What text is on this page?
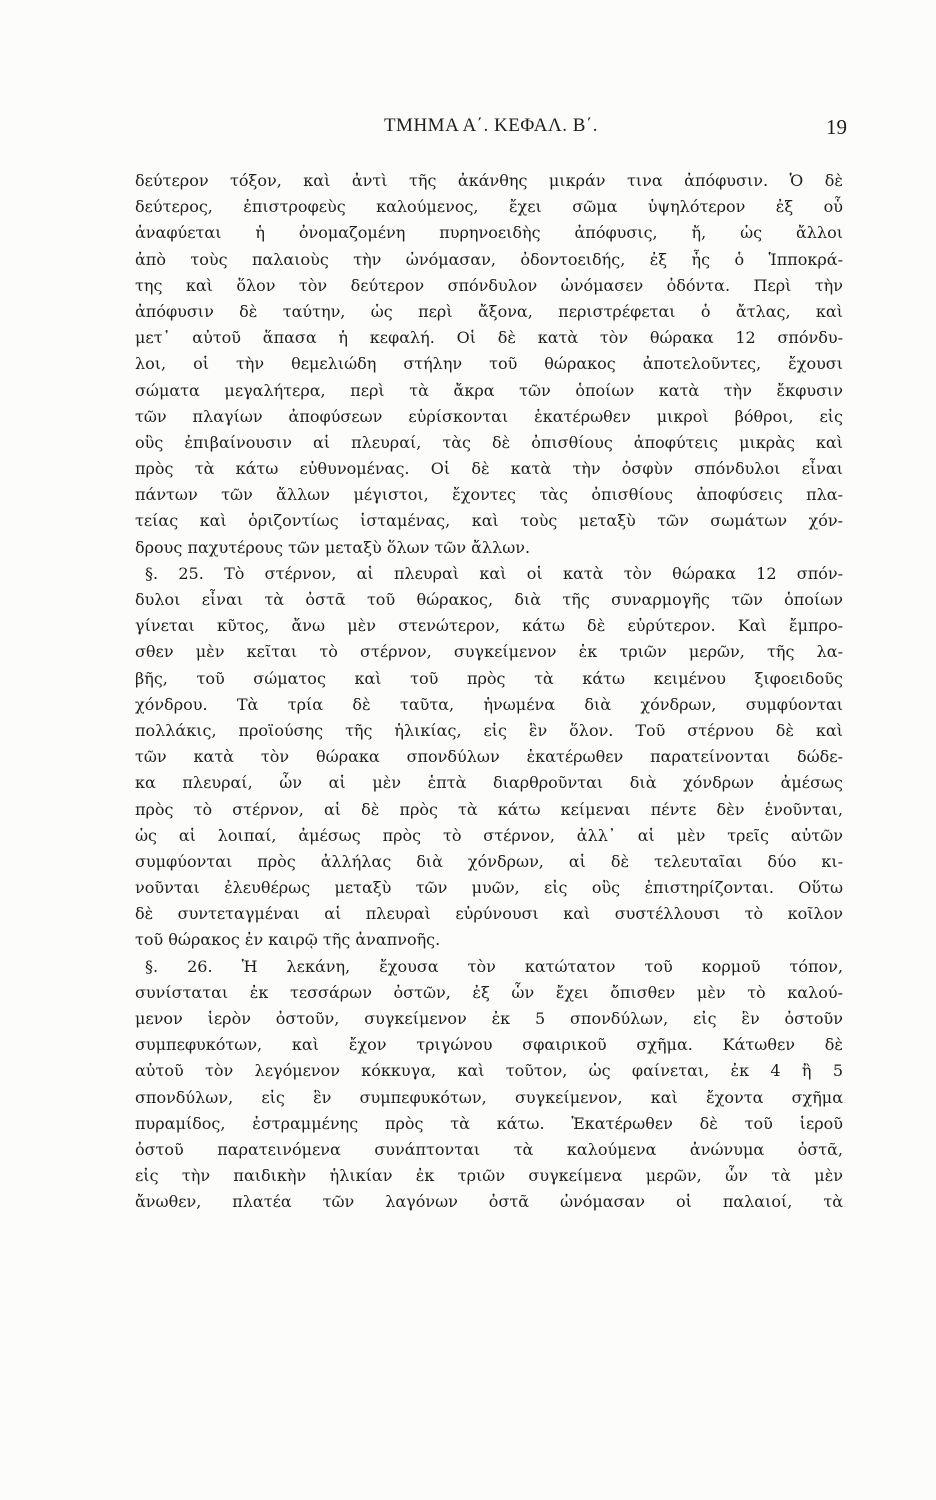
ΤΜΗΜΑ Α΄. ΚΕΦΑΛ. Β΄.	19
δεύτερον τόξον, καὶ ἀντὶ τῆς ἀκάνθης μικράν τινα ἀπόφυσιν. Ὁ δὲ
δεύτερος, ἐπιστροφεὺς καλούμενος, ἔχει σῶμα ὑψηλότερον ἐξ οὗ
ἀναφύεται ἡ ὀνομαζομένη πυρηνοειδὴς ἀπόφυσις, ἤ, ὡς ἄλλοι
ἀπὸ τοὺς παλαιοὺς τὴν ὠνόμασαν, ὀδοντοειδής, ἐξ ἧς ὁ Ἱπποκρά-
της καὶ ὅλον τὸν δεύτερον σπόνδυλον ὠνόμασεν ὀδόντα. Περὶ τὴν
ἀπόφυσιν δὲ ταύτην, ὡς περὶ ἄξονα, περιστρέφεται ὁ ἄτλας, καὶ
μετ᾽ αὐτοῦ ἅπασα ἡ κεφαλή. Οἱ δὲ κατὰ τὸν θώρακα 12 σπόνδυ-
λοι, οἱ τὴν θεμελιώδη στήλην τοῦ θώρακος ἀποτελοῦντες, ἔχουσι
σώματα μεγαλήτερα, περὶ τὰ ἄκρα τῶν ὁποίων κατὰ τὴν ἔκφυσιν
τῶν πλαγίων ἀποφύσεων εὑρίσκονται ἑκατέρωθεν μικροὶ βόθροι, εἰς
οὓς ἐπιβαίνουσιν αἱ πλευραί, τὰς δὲ ὀπισθίους ἀποφύτεις μικρὰς καὶ
πρὸς τὰ κάτω εὐθυνομένας. Οἱ δὲ κατὰ τὴν ὀσφὺν σπόνδυλοι εἶναι
πάντων τῶν ἄλλων μέγιστοι, ἔχοντες τὰς ὀπισθίους ἀποφύσεις πλα-
τείας καὶ ὁριζοντίως ἱσταμένας, καὶ τοὺς μεταξὺ τῶν σωμάτων χόν-
δρους παχυτέρους τῶν μεταξὺ ὅλων τῶν ἄλλων.
§. 25. Τὸ στέρνον, αἱ πλευραὶ καὶ οἱ κατὰ τὸν θώρακα 12 σπόν-
δυλοι εἶναι τὰ ὀστᾶ τοῦ θώρακος, διὰ τῆς συναρμογῆς τῶν ὁποίων
γίνεται κῦτος, ἄνω μὲν στενώτερον, κάτω δὲ εὐρύτερον. Καὶ ἔμπρο-
σθεν μὲν κεῖται τὸ στέρνον, συγκείμενον ἐκ τριῶν μερῶν, τῆς λα-
βῆς, τοῦ σώματος καὶ τοῦ πρὸς τὰ κάτω κειμένου ξιφοειδοῦς
χόνδρου. Τὰ τρία δὲ ταῦτα, ἡνωμένα διὰ χόνδρων, συμφύονται
πολλάκις, προϊούσης τῆς ἡλικίας, εἰς ἓν ὅλον. Τοῦ στέρνου δὲ καὶ
τῶν κατὰ τὸν θώρακα σπονδύλων ἑκατέρωθεν παρατείνονται δώδε-
κα πλευραί, ὧν αἱ μὲν ἑπτὰ διαρθροῦνται διὰ χόνδρων ἀμέσως
πρὸς τὸ στέρνον, αἱ δὲ πρὸς τὰ κάτω κείμεναι πέντε δὲν ἑνοῦνται,
ὡς αἱ λοιπαί, ἀμέσως πρὸς τὸ στέρνον, ἀλλ᾽ αἱ μὲν τρεῖς αὐτῶν
συμφύονται πρὸς ἀλλήλας διὰ χόνδρων, αἱ δὲ τελευταῖαι δύο κι-
νοῦνται ἐλευθέρως μεταξὺ τῶν μυῶν, εἰς οὓς ἐπιστηρίζονται. Οὕτω
δὲ συντεταγμέναι αἱ πλευραὶ εὐρύνουσι καὶ συστέλλουσι τὸ κοῖλον
τοῦ θώρακος ἐν καιρῷ τῆς ἀναπνοῆς.
§. 26. Ἡ λεκάνη, ἔχουσα τὸν κατώτατον τοῦ κορμοῦ τόπον,
συνίσταται ἐκ τεσσάρων ὀστῶν, ἐξ ὧν ἔχει ὄπισθεν μὲν τὸ καλού-
μενον ἱερὸν ὀστοῦν, συγκείμενον ἐκ 5 σπονδύλων, εἰς ἓν ὀστοῦν
συμπεφυκότων, καὶ ἔχον τριγώνου σφαιρικοῦ σχῆμα. Κάτωθεν δὲ
αὐτοῦ τὸν λεγόμενον κόκκυγα, καὶ τοῦτον, ὡς φαίνεται, ἐκ 4 ἢ 5
σπονδύλων, εἰς ἓν συμπεφυκότων, συγκείμενον, καὶ ἔχοντα σχῆμα
πυραμίδος, ἐστραμμένης πρὸς τὰ κάτω. Ἑκατέρωθεν δὲ τοῦ ἱεροῦ
ὀστοῦ παρατεινόμενα συνάπτονται τὰ καλούμενα ἀνώνυμα ὀστᾶ,
εἰς τὴν παιδικὴν ἡλικίαν ἐκ τριῶν συγκείμενα μερῶν, ὧν τὰ μὲν
ἄνωθεν, πλατέα τῶν λαγόνων ὀστᾶ ὠνόμασαν οἱ παλαιοί, τὰ
